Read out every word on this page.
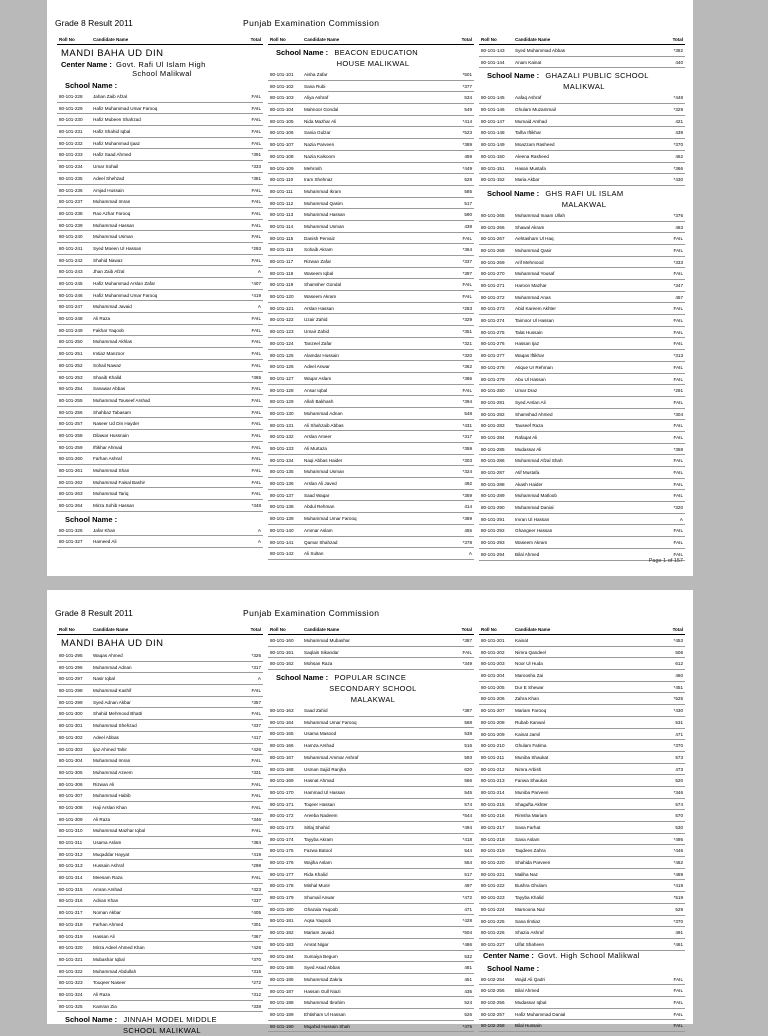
Grade 8 Result 2011	Punjab Examination Commission
Roll No	Candidate Name	Total
MANDI BAHA UD DIN
Center Name : Govt. Rafi Ul Islam High
School Malikwal
School Name :
80-101-228 Jahan Zaib Afzal	FAIL
80-101-229 Hafiz Muhammad Umar Farooq	FAIL
80-101-230 Hafiz Mubeen Shahzad	FAIL
80-101-231 Hafiz Shahid Iqbal	FAIL
80-101-232 Hafiz Muhammad Ijaaz	FAIL
80-101-233 Hafiz Saad Ahmed	*391
80-101-234 Umar Sohail	*333
80-101-235 Adeel Shehzad	*381
80-101-236 Amjad Hussain	FAIL
80-101-237 Muhammad Imran	FAIL
80-101-238 Rao Azhar Farooq	FAIL
80-101-239 Muhammad Hassan	FAIL
80-101-240 Muhammad Usman	FAIL
80-101-241 Syed Moeen Ul Hassan	*293
80-101-242 Shahid Nawaz	FAIL
80-101-243 Jhan Zaib Afzal	A
80-101-245 Hafiz Muhammad Arslan Zafar	*407
80-101-246 Hafiz Muhammad Umar Farooq	*419
80-101-247 Muhammad Javaid	A
80-101-248 Ali Raza	FAIL
80-101-249 Fakhar Yaqoob	FAIL
80-101-250 Muhammad Akhlas	FAIL
80-101-251 Imtiaz Manzoor	FAIL
80-101-252 Sohail Nawaz	FAIL
80-101-253 Shoaib Khalid	*365
80-101-254 Sanawar Abbas	FAIL
80-101-255 Muhammad Touseef Arshad	FAIL
80-101-256 Shahbaz Tabasam	FAIL
80-101-257 Naseer Ud Din Hayder	FAIL
80-101-258 Dilawar Hussnain	FAIL
80-101-259 Iftikhar Ahmad	FAIL
80-101-260 Farhan Ashraf	FAIL
80-101-261 Muhammad Shan	FAIL
80-101-262 Muhammad Faisal Bashir	FAIL
80-101-263 Muhammad Tariq	FAIL
80-101-264 Mirza Sohib Hassan	*348
School Name :
80-101-326 Jafar Khan	A
80-101-327 Hameed Ali	A
Roll No	Candidate Name	Total
School Name : BEACON EDUCATION
HOUSE MALIKWAL
80-101-101 Aisha Zafar	*501
80-101-102 Sana Rubi	*377
80-101-103 Aliya Ashraf	534
80-101-104 Mahnoor Gondal	549
80-101-105 Nida Mazhar Ali	*414
80-101-106 Sania Gulzar	*523
80-101-107 Nazia Parveen	*389
80-101-108 Nazia Kalsoom	459
80-101-109 Mehrosh	*449
80-101-110 Iram Shehnaz	528
80-101-111 Muhammad Ikram	585
80-101-112 Muhammad Qasim	517
80-101-113 Muhammad Hassan	590
80-101-114 Muhammad Usman	438
80-101-115 Danish Pervaiz	FAIL
80-101-116 Sohaib Akram	*364
80-101-117 Rizwan Zafar	*337
80-101-118 Waseem Iqbal	*397
80-101-119 Shamsher Gondal	FAIL
80-101-120 Waseem Akram	FAIL
80-101-121 Arslan Hassan	*283
80-101-122 Uzair Zahid	*329
80-101-123 Umair Zahid	*351
80-101-124 Tanzeel Zafar	*321
80-101-125 Alamdar Hussain	*320
80-101-126 Adeel Anwar	*362
80-101-127 Waqar Aslam	*386
80-101-128 Ansar Iqbal	FAIL
80-101-129 Allah Bakhash	*394
80-101-130 Muhammad Adnan	548
80-101-131 Ali Shahzaib Abbas	*431
80-101-132 Arslan Ameer	*317
80-101-133 Ali Murtaza	*359
80-101-134 Naqi Abbas Haider	*303
80-101-135 Muhammad Usman	*324
80-101-136 Arslan Ali Javed	492
80-101-137 Saad Waqar	*359
80-101-138 Abdul Rehman	414
80-101-139 Muhammad Umar Farooq	*389
80-101-140 Ammar Aslam	455
80-101-141 Qamar Shahzad	*378
80-101-142 Ali Sultan	A
Roll No	Candidate Name	Total
80-101-143 Syed Muhammad Abbas	*382
80-101-144 Anam Kainat	440
School Name : GHAZALI PUBLIC SCHOOL
MALIKWAL
80-101-145 Aafaq Ashraf	*448
80-101-146 Ghulam Muzammail	*329
80-101-147 Mumaid Arshad	421
80-101-148 Talha Iftikhar	439
80-101-149 Moazzam Rasheed	*370
80-101-150 Aleena Rasheed	462
80-101-151 Hasan Mustafa	*366
80-101-152 Maria Akbar	*430
School Name : GHS RAFI UL ISLAM
MALAKWAL
80-101-265 Muhammad Inaam Ullah	*376
80-101-266 Shawal Akram	483
80-101-267 Aehtasham Ul Haq	FAIL
80-101-268 Muhammad Qasir	FAIL
80-101-269 Arif Mehmood	*333
80-101-270 Muhammad Yousaf	FAIL
80-101-271 Haroon Mazhar	*347
80-101-272 Muhammad Anas	457
80-101-273 Abid Kareem Akhter	FAIL
80-101-274 Taimoor Ul Hassan	FAIL
80-101-275 Talat Hussain	FAIL
80-101-276 Hassan Ijaz	FAIL
80-101-277 Waqas Iftikhar	*313
80-101-278 Atique Ur Rehman	FAIL
80-101-279 Abu Ul Hassan	FAIL
80-101-280 Umar Draz	*291
80-101-281 Syed Arslan Ali	FAIL
80-101-282 Shamshad Ahmed	*304
80-101-283 Tauseef Raza	FAIL
80-101-284 Rafaqat Ali	FAIL
80-101-285 Mudassar Ali	*358
80-101-286 Muhammad Afzal Shah	FAIL
80-101-287 Atif Mustafa	FAIL
80-101-288 Akash Haider	FAIL
80-101-289 Muhammad Matloob	FAIL
80-101-290 Muhammad Danial	*320
80-101-291 Imran Ul Hassan	A
80-101-292 Ghangeer Hassan	FAIL
80-101-293 Waseem Akram	FAIL
80-101-294 Bilal Ahmed	FAIL
Page 1 of 157
Grade 8 Result 2011	Punjab Examination Commission
Roll No	Candidate Name	Total
MANDI BAHA UD DIN
80-101-295 Waqas Ahmed	*326
80-101-296 Muhammad Adnan	*317
80-101-297 Nasir Iqbal	A
80-101-298 Muhammad Kashif	FAIL
80-101-299 Syed Adnan Akbar	*357
80-101-300 Shahid Mehmood Bhatti	FAIL
80-101-301 Muhammad Shehzad	*337
80-101-302 Adeel Abbas	*417
80-101-303 Ijaz Ahmed Tahir	*426
80-101-304 Muhammad Imran	FAIL
80-101-305 Muhammad Azeem	*331
80-101-306 Rizwan Ali	FAIL
80-101-307 Muhammad Habib	FAIL
80-101-308 Haji Arslan Khan	FAIL
80-101-309 Ali Raza	*346
80-101-310 Muhammad Mazhar Iqbal	FAIL
80-101-311 Usama Aslam	*384
80-101-312 Muqaddar Hayyat	*419
80-101-313 Hussain Ashraf	*298
80-101-314 Meesam Raza	FAIL
80-101-315 Amran Arshad	*323
80-101-316 Adnan Khan	*337
80-101-317 Noman Akbar	*405
80-101-318 Farhan Ahmed	*301
80-101-319 Hassan Ali	*367
80-101-320 Mirza Adeel Ahmed Khan	*426
80-101-321 Mubashar Iqbal	*370
80-101-322 Muhammad Abdullah	*315
80-101-323 Touqeer Naseer	*272
80-101-324 Ali Raza	*312
80-101-325 Kamran Zia	*338
School Name : JINNAH MODEL MIDDLE
SCHOOL MALIKWAL
Roll No	Candidate Name	Total
80-101-160 Muhammad Mubashar	*387
80-101-161 Saqlain Sikandar	FAIL
80-101-162 Mohsan Raza	*349
School Name : POPULAR SCINCE
SECONDARY SCHOOL
MALAKWAL
80-101-163 Saad Zahid	*387
80-101-164 Muhammad Umar Farooq	568
80-101-165 Usama Masood	538
80-101-166 Hamza Arshad	516
80-101-167 Muhammad Ammar Ashraf	593
80-101-168 Usman Sajid Ranjha	620
80-101-169 Hasnat Ahmad	566
80-101-170 Hammad Ul Hassan	545
80-101-171 Toqeer Hassan	574
80-101-172 Areeba Nadeem	*544
80-101-173 Sitlaj Shahid	*494
80-101-174 Tayyba Akram	*418
80-101-175 Fazwa Batool	544
80-101-176 Wajiha Aslam	554
80-101-177 Rida Khalid	517
80-101-178 Mishal Munir	497
80-101-179 Shumail Anwar	*472
80-101-180 Ghazala Yaqoob	471
80-101-181 Aqsa Yaqoob	*428
80-101-182 Mariam Javaid	*504
80-101-183 Amrat Nigar	*486
80-101-184 Sumaiya Begum	532
80-101-185 Syed Asad Abbas	481
80-101-186 Muhammad Zakria	451
80-101-187 Hassan Gull Niazi	435
80-101-188 Muhammad Ibrahim	524
80-101-189 Ehtisham Ul Hassan	526
80-101-190 Mujahid Hussain Shah	*475
Roll No	Candidate Name	Total
80-101-201 Kainat	*453
80-101-202 Nimra Qandeel	506
80-101-203 Noor Ul Huda	612
80-101-204 Maroosha Zai	460
80-101-205 Dur E Shewar	*451
80-101-206 Zahra Khan	*525
80-101-207 Mariam Farooq	*430
80-101-208 Rubab Kanwal	531
80-101-209 Kainat Jamil	471
80-101-210 Ghulam Fatima	*370
80-101-211 Muniba Shaukat	573
80-101-212 Nimra Arbish	473
80-101-213 Fanwa Shaukat	520
80-101-214 Muniba Parveen	*346
80-101-215 Shagufta Akhter	574
80-101-216 Rimsha Mariam	570
80-101-217 Sana Farhat	530
80-101-218 Sana Aslam	*495
80-101-219 Taqdees Zahra	*446
80-101-220 Shahida Parveen	*462
80-101-221 Maliha Naz	*489
80-101-222 Bushra Ghulam	*419
80-101-223 Tayyba Khalid	*519
80-101-224 Mamoona Naz	529
80-101-225 Sana Ilmtiaz	*370
80-101-226 Shaziа Ashraf	491
80-101-227 Ulfat Shaheen	*461
Center Name : Govt. High School Malikwal
School Name :
80-102-254 Wajid Ali Qadri	FAIL
80-102-255 Bilal Ahmed	FAIL
80-102-256 Mudassar Iqbal	FAIL
80-102-257 Hafiz Muhammad Danial	FAIL
80-102-258 Bilal Hussain	FAIL
